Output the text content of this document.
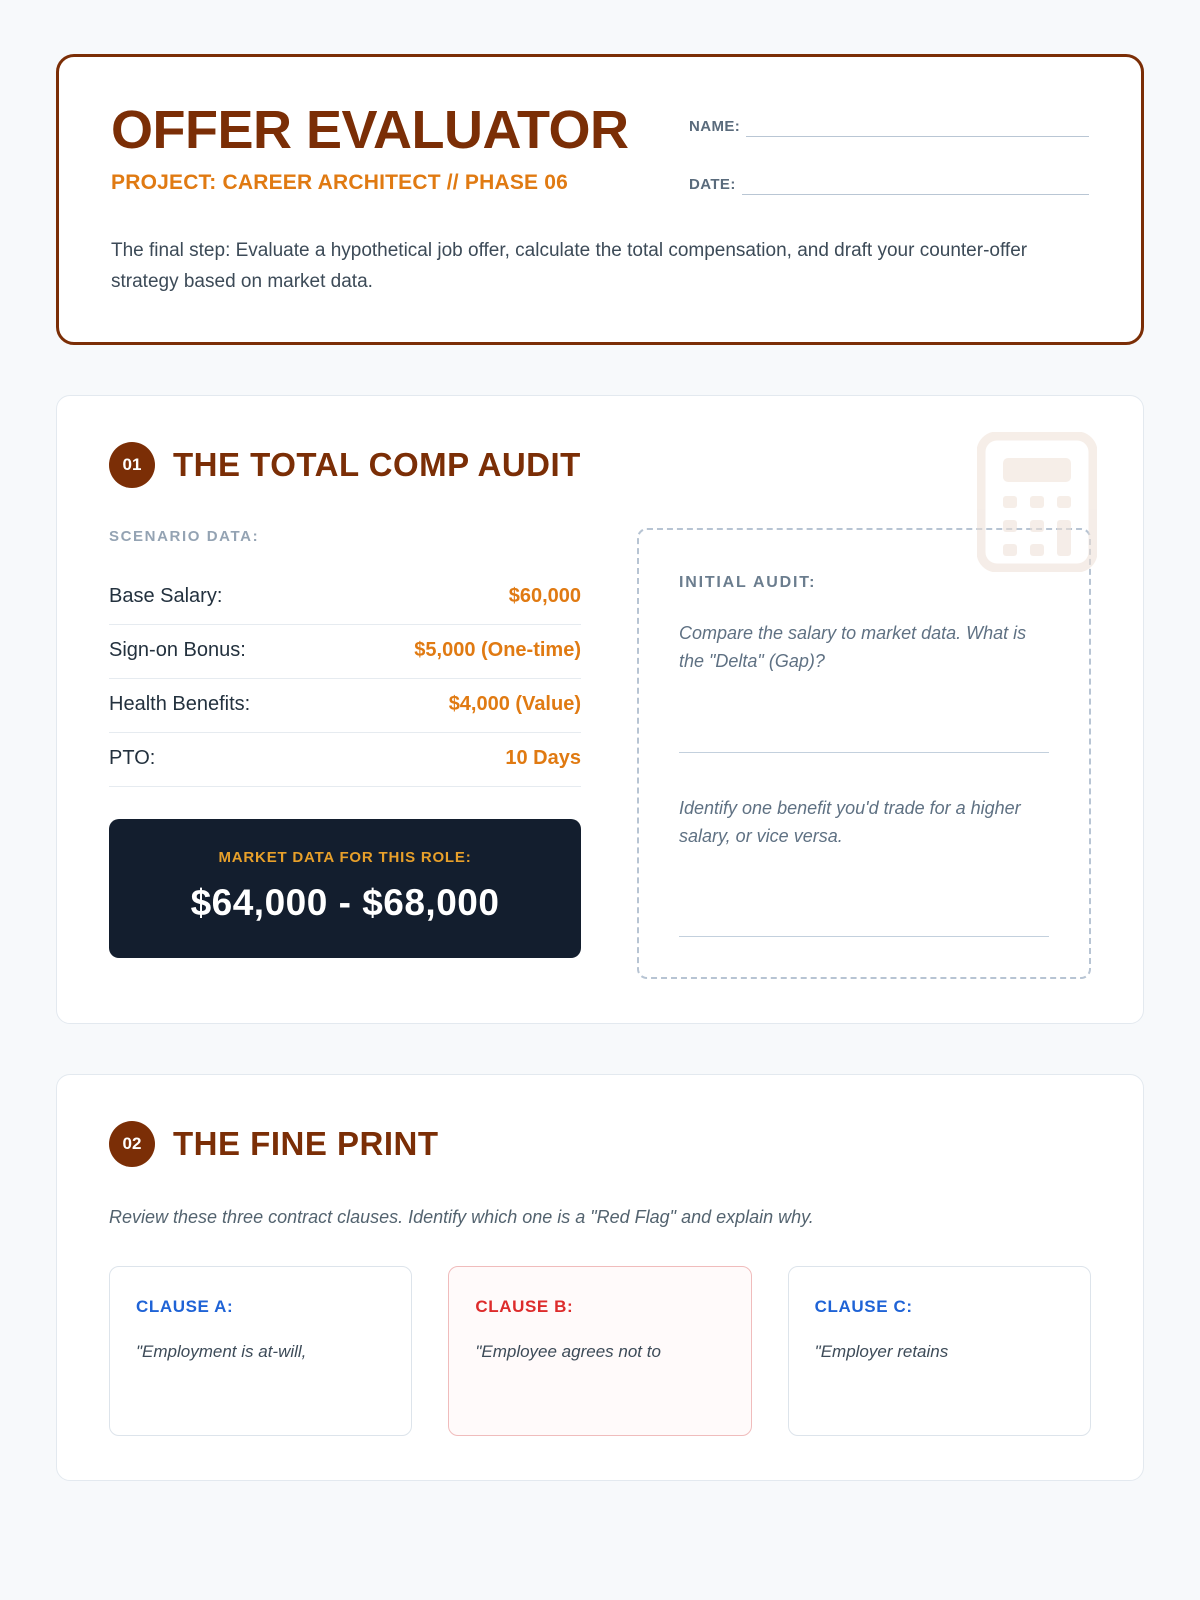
OFFER EVALUATOR
PROJECT: CAREER ARCHITECT // PHASE 06
NAME:
DATE:
The final step: Evaluate a hypothetical job offer, calculate the total compensation, and draft your counter-offer strategy based on market data.
01 THE TOTAL COMP AUDIT
SCENARIO DATA:
Base Salary:	$60,000
Sign-on Bonus:	$5,000 (One-time)
Health Benefits:	$4,000 (Value)
PTO:	10 Days
MARKET DATA FOR THIS ROLE:
$64,000 - $68,000
INITIAL AUDIT:
Compare the salary to market data. What is the "Delta" (Gap)?
Identify one benefit you'd trade for a higher salary, or vice versa.
02 THE FINE PRINT
Review these three contract clauses. Identify which one is a "Red Flag" and explain why.
CLAUSE A:
"Employment is at-will,
CLAUSE B:
"Employee agrees not to
CLAUSE C:
"Employer retains
